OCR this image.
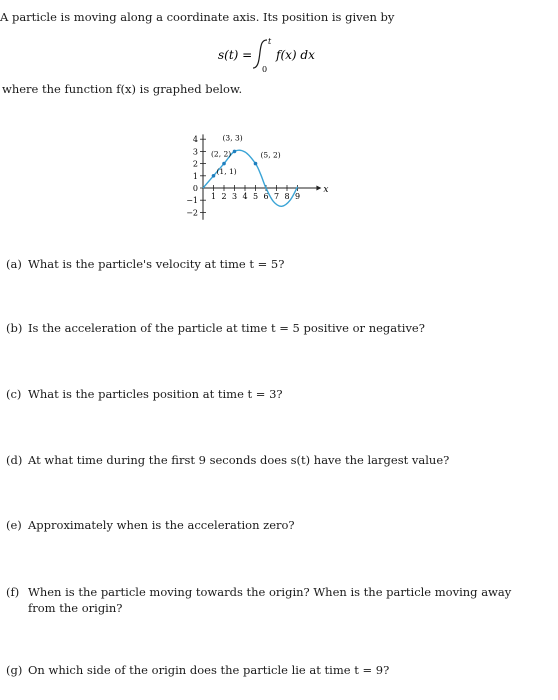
A particle is moving along a coordinate axis. Its position is given by
s(t) =
t
0
f(x) dx
where the function f(x) is graphed below.
x
4
3
2
1
0
−1
−2
1 2 3 4 5 6 7 8 9
(1, 1)
(2, 2)
(3, 3)
(5, 2)
(a) What is the particle's velocity at time t = 5?
(b) Is the acceleration of the particle at time t = 5 positive or negative?
(c) What is the particles position at time t = 3?
(d) At what time during the first 9 seconds does s(t) have the largest value?
(e) Approximately when is the acceleration zero?
(f) When is the particle moving towards the origin? When is the particle moving away from the origin?
(g) On which side of the origin does the particle lie at time t = 9?
